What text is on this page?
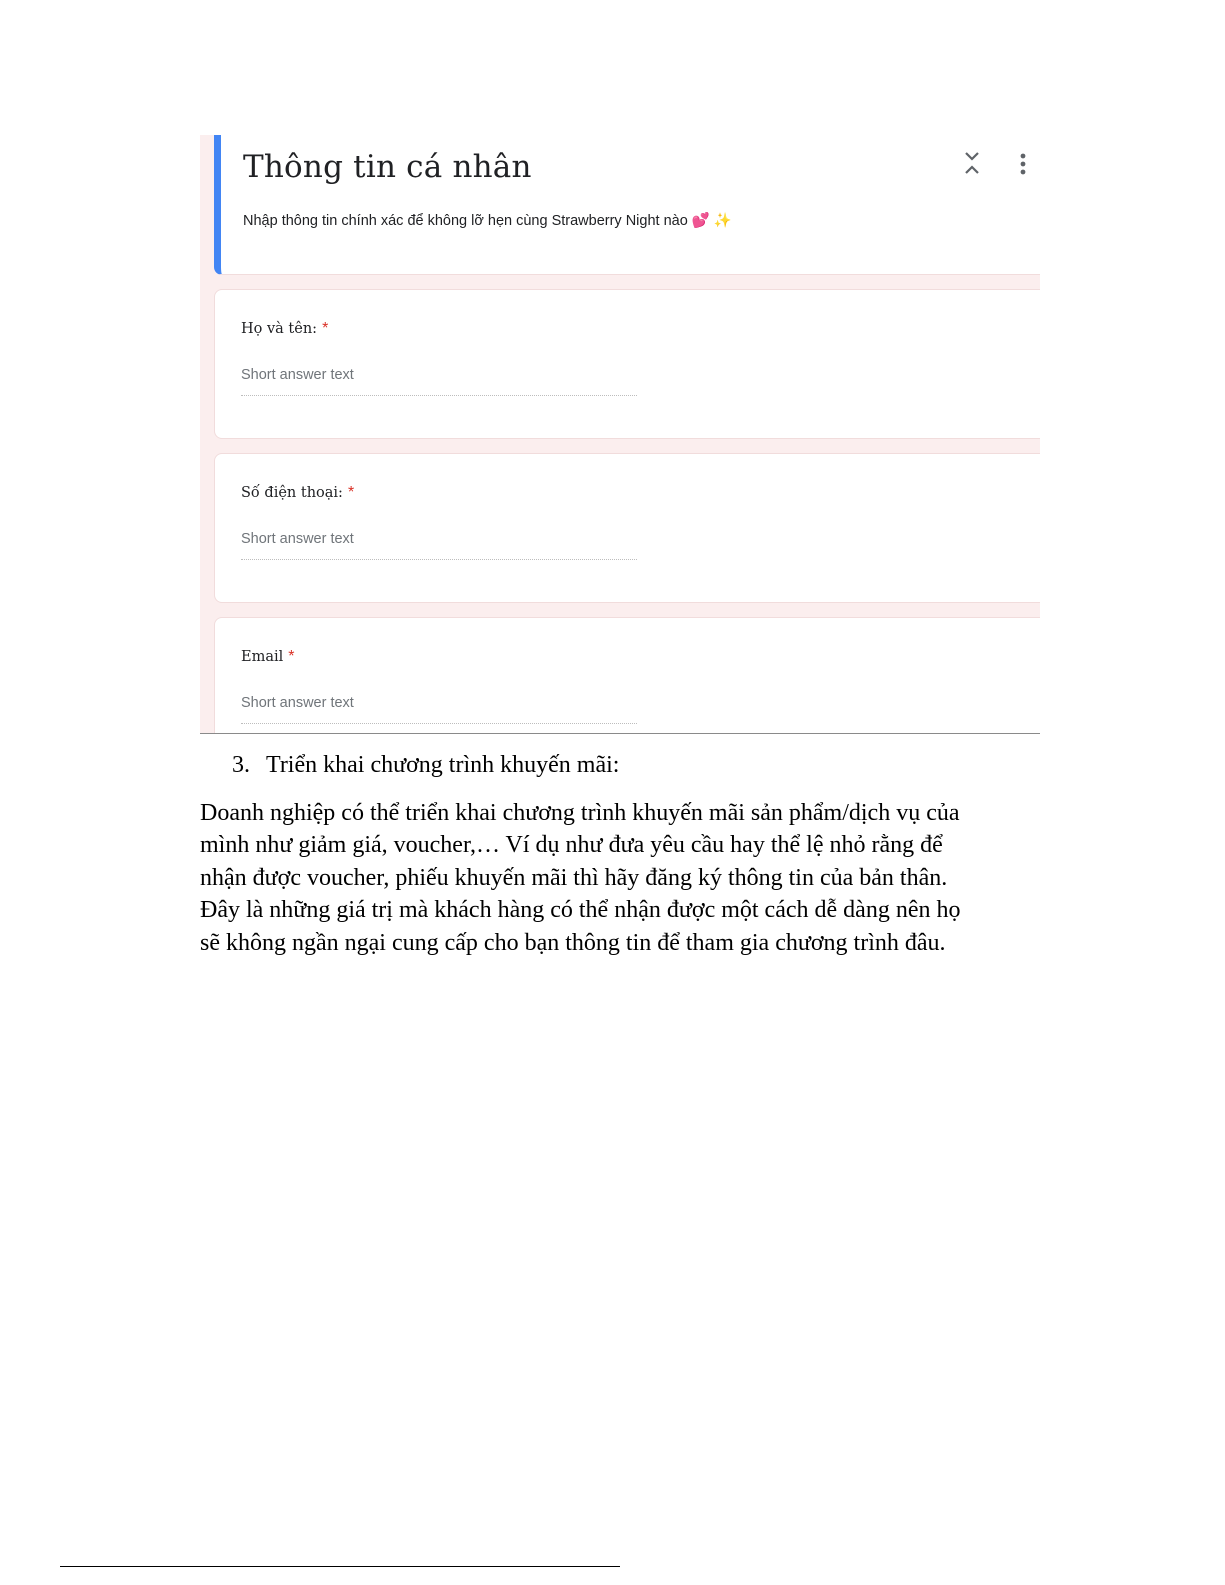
Thông tin cá nhân
Nhập thông tin chính xác để không lỡ hẹn cùng Strawberry Night nào 💕 ✨
Họ và tên: *
Short answer text
Số điện thoại: *
Short answer text
Email *
Short answer text
3. Triển khai chương trình khuyến mãi:

Doanh nghiệp có thể triển khai chương trình khuyến mãi sản phẩm/dịch vụ của
mình như giảm giá, voucher,… Ví dụ như đưa yêu cầu hay thể lệ nhỏ rằng để
nhận được voucher, phiếu khuyến mãi thì hãy đăng ký thông tin của bản thân.
Đây là những giá trị mà khách hàng có thể nhận được một cách dễ dàng nên họ
sẽ không ngần ngại cung cấp cho bạn thông tin để tham gia chương trình đâu.
